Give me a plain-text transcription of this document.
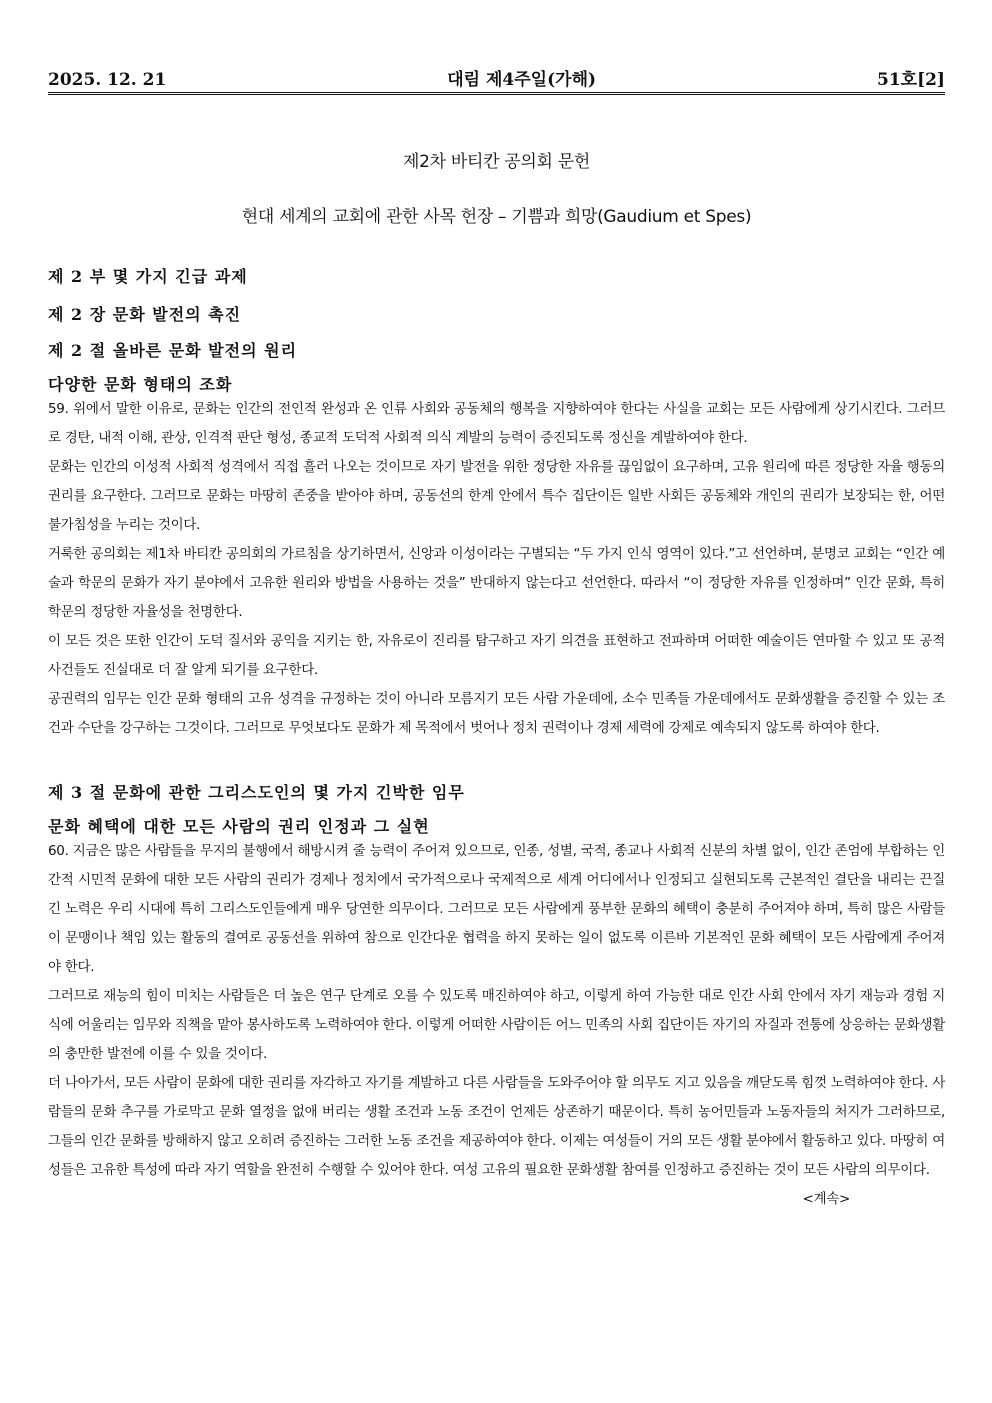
2025. 12. 21	대림 제4주일(가해)	51호[2]
제2차 바티칸 공의회 문헌
현대 세계의 교회에 관한 사목 헌장 – 기쁨과 희망(Gaudium et Spes)
제 2 부 몇 가지 긴급 과제
제 2 장 문화 발전의 촉진
제 2 절 올바른 문화 발전의 원리
다양한 문화 형태의 조화

59. 위에서 말한 이유로, 문화는 인간의 전인적 완성과 온 인류 사회와 공동체의 행복을 지향하여야 한다는 사실을 교회는 모든 사람에게 상기시킨다. 그러므로 경탄, 내적 이해, 관상, 인격적 판단 형성, 종교적 도덕적 사회적 의식 계발의 능력이 증진되도록 정신을 계발하여야 한다.

문화는 인간의 이성적 사회적 성격에서 직접 흘러 나오는 것이므로 자기 발전을 위한 정당한 자유를 끊임없이 요구하며, 고유 원리에 따른 정당한 자율 행동의 권리를 요구한다. 그러므로 문화는 마땅히 존중을 받아야 하며, 공동선의 한계 안에서 특수 집단이든 일반 사회든 공동체와 개인의 권리가 보장되는 한, 어떤 불가침성을 누리는 것이다.

거룩한 공의회는 제1차 바티칸 공의회의 가르침을 상기하면서, 신앙과 이성이라는 구별되는 “두 가지 인식 영역이 있다.”고 선언하며, 분명코 교회는 “인간 예술과 학문의 문화가 자기 분야에서 고유한 원리와 방법을 사용하는 것을” 반대하지 않는다고 선언한다. 따라서 “이 정당한 자유를 인정하며” 인간 문화, 특히 학문의 정당한 자율성을 천명한다.

이 모든 것은 또한 인간이 도덕 질서와 공익을 지키는 한, 자유로이 진리를 탐구하고 자기 의견을 표현하고 전파하며 어떠한 예술이든 연마할 수 있고 또 공적 사건들도 진실대로 더 잘 알게 되기를 요구한다.

공권력의 임무는 인간 문화 형태의 고유 성격을 규정하는 것이 아니라 모름지기 모든 사람 가운데에, 소수 민족들 가운데에서도 문화생활을 증진할 수 있는 조건과 수단을 강구하는 그것이다. 그러므로 무엇보다도 문화가 제 목적에서 벗어나 정치 권력이나 경제 세력에 강제로 예속되지 않도록 하여야 한다.

제 3 절 문화에 관한 그리스도인의 몇 가지 긴박한 임무
문화 혜택에 대한 모든 사람의 권리 인정과 그 실현

60. 지금은 많은 사람들을 무지의 불행에서 해방시켜 줄 능력이 주어져 있으므로, 인종, 성별, 국적, 종교나 사회적 신분의 차별 없이, 인간 존엄에 부합하는 인간적 시민적 문화에 대한 모든 사람의 권리가 경제나 정치에서 국가적으로나 국제적으로 세계 어디에서나 인정되고 실현되도록 근본적인 결단을 내리는 끈질긴 노력은 우리 시대에 특히 그리스도인들에게 매우 당연한 의무이다. 그러므로 모든 사람에게 풍부한 문화의 혜택이 충분히 주어져야 하며, 특히 많은 사람들이 문맹이나 책임 있는 활동의 결여로 공동선을 위하여 참으로 인간다운 협력을 하지 못하는 일이 없도록 이른바 기본적인 문화 혜택이 모든 사람에게 주어져야 한다.

그러므로 재능의 힘이 미치는 사람들은 더 높은 연구 단계로 오를 수 있도록 매진하여야 하고, 이렇게 하여 가능한 대로 인간 사회 안에서 자기 재능과 경험 지식에 어울리는 임무와 직책을 맡아 봉사하도록 노력하여야 한다. 이렇게 어떠한 사람이든 어느 민족의 사회 집단이든 자기의 자질과 전통에 상응하는 문화생활의 충만한 발전에 이를 수 있을 것이다.

더 나아가서, 모든 사람이 문화에 대한 권리를 자각하고 자기를 계발하고 다른 사람들을 도와주어야 할 의무도 지고 있음을 깨닫도록 힘껏 노력하여야 한다. 사람들의 문화 추구를 가로막고 문화 열정을 없애 버리는 생활 조건과 노동 조건이 언제든 상존하기 때문이다. 특히 농어민들과 노동자들의 처지가 그러하므로, 그들의 인간 문화를 방해하지 않고 오히려 증진하는 그러한 노동 조건을 제공하여야 한다. 이제는 여성들이 거의 모든 생활 분야에서 활동하고 있다. 마땅히 여성들은 고유한 특성에 따라 자기 역할을 완전히 수행할 수 있어야 한다. 여성 고유의 필요한 문화생활 참여를 인정하고 증진하는 것이 모든 사람의 의무이다.
<계속>
